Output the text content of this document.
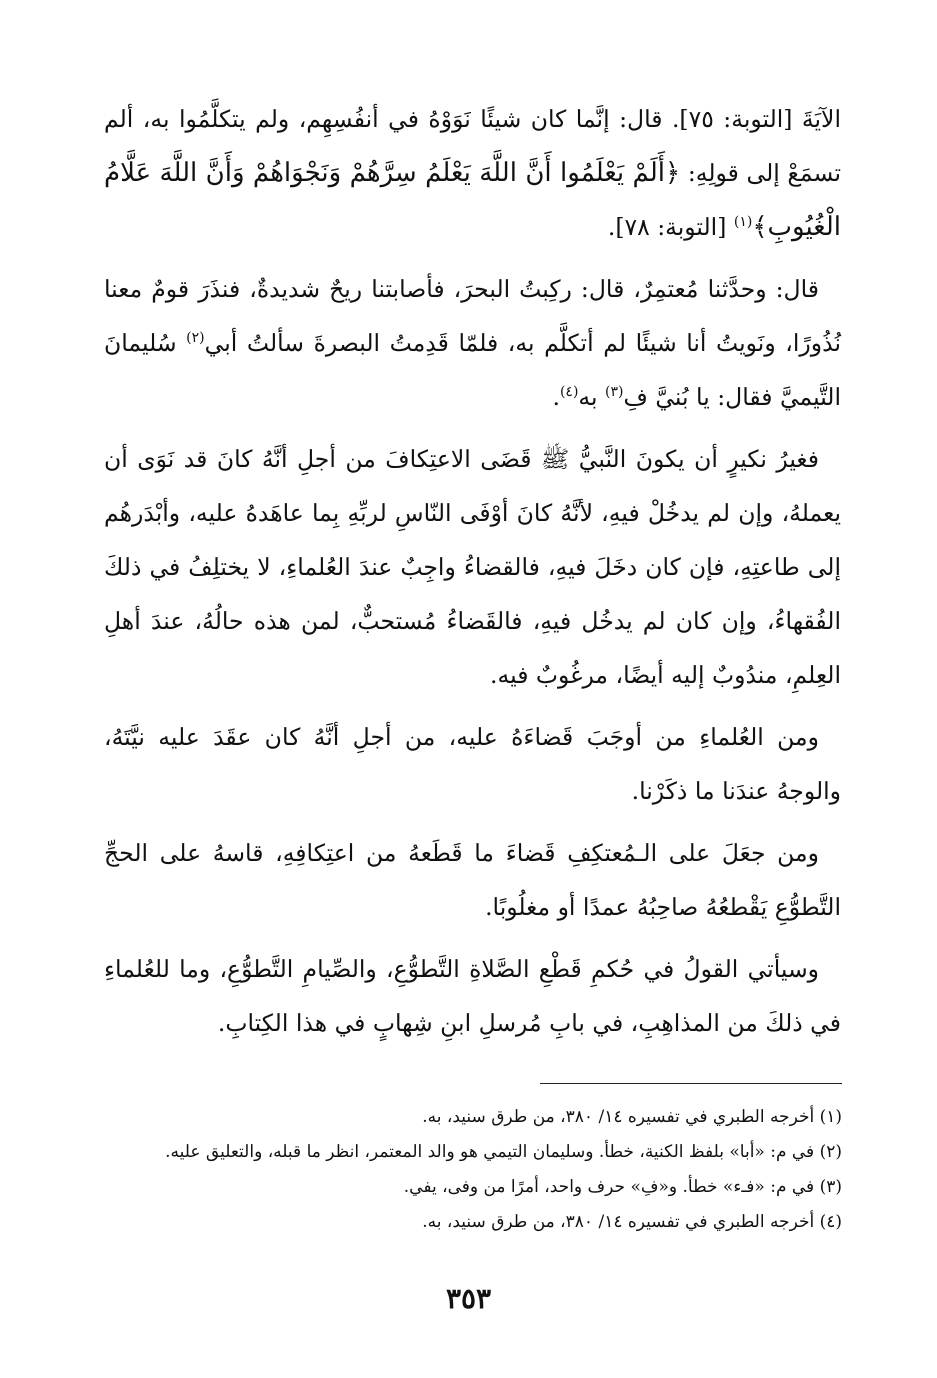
الآيَةَ [التوبة: ٧٥]. قال: إنَّما كان شيئًا نَوَوْهُ في أنفُسِهِم، ولم يتكلَّمُوا به، ألم تسمَعْ إلى قولِهِ: ﴿أَلَمْ يَعْلَمُوا أَنَّ اللَّهَ يَعْلَمُ سِرَّهُمْ وَنَجْوَاهُمْ وَأَنَّ اللَّهَ عَلَّامُ الْغُيُوبِ﴾$^{(١)}$ [التوبة: ٧٨].

قال: وحدَّثنا مُعتمِرٌ، قال: ركِبتُ البحرَ، فأصابتنا ريحٌ شديدةٌ، فنذَرَ قومٌ معنا نُذُورًا، ونَويتُ أنا شيئًا لم أتكلَّم به، فلمّا قَدِمتُ البصرةَ سألتُ أبي$^{(٢)}$ سُليمانَ التَّيميَّ فقال: يا بُنيَّ فِ$^{(٣)}$ به$^{(٤)}$.

فغيرُ نكيرٍ أن يكونَ النَّبيُّ ﷺ قَضَى الاعتِكافَ من أجلِ أنَّهُ كانَ قد نَوَى أن يعملهُ، وإن لم يدخُلْ فيهِ، لأنَّهُ كانَ أوْفَى النّاسِ لربِّهِ بِما عاهَدهُ عليه، وأبْدَرهُم إلى طاعتِهِ، فإن كان دخَلَ فيهِ، فالقضاءُ واجِبٌ عندَ العُلماءِ، لا يختلِفُ في ذلكَ الفُقهاءُ، وإن كان لم يدخُل فيهِ، فالقَضاءُ مُستحبٌّ، لمن هذه حالُهُ، عندَ أهلِ العِلمِ، مندُوبٌ إليه أيضًا، مرغُوبٌ فيه.

ومن العُلماءِ من أوجَبَ قَضاءَهُ عليه، من أجلِ أنَّهُ كان عقَدَ عليه نيَّتَهُ، والوجهُ عندَنا ما ذكَرْنا.

ومن جعَلَ على الـمُعتكِفِ قَضاءَ ما قَطَعهُ من اعتِكافِهِ، قاسهُ على الحجِّ التَّطوُّعِ يَقْطعُهُ صاحِبُهُ عمدًا أو مغلُوبًا.

وسيأتي القولُ في حُكمِ قَطْعِ الصَّلاةِ التَّطوُّعِ، والصِّيامِ التَّطوُّعِ، وما للعُلماءِ في ذلكَ من المذاهِبِ، في بابِ مُرسلِ ابنِ شِهابٍ في هذا الكِتابِ.

(١) أخرجه الطبري في تفسيره ١٤/ ٣٨٠، من طرق سنيد، به.

(٢) في م: «أبا» بلفظ الكنية، خطأ. وسليمان التيمي هو والد المعتمر، انظر ما قبله، والتعليق عليه.

(٣) في م: «فـء» خطأ. و«فِ» حرف واحد، أمرًا من وفى، يفي.

(٤) أخرجه الطبري في تفسيره ١٤/ ٣٨٠، من طرق سنيد، به.

٣٥٣
